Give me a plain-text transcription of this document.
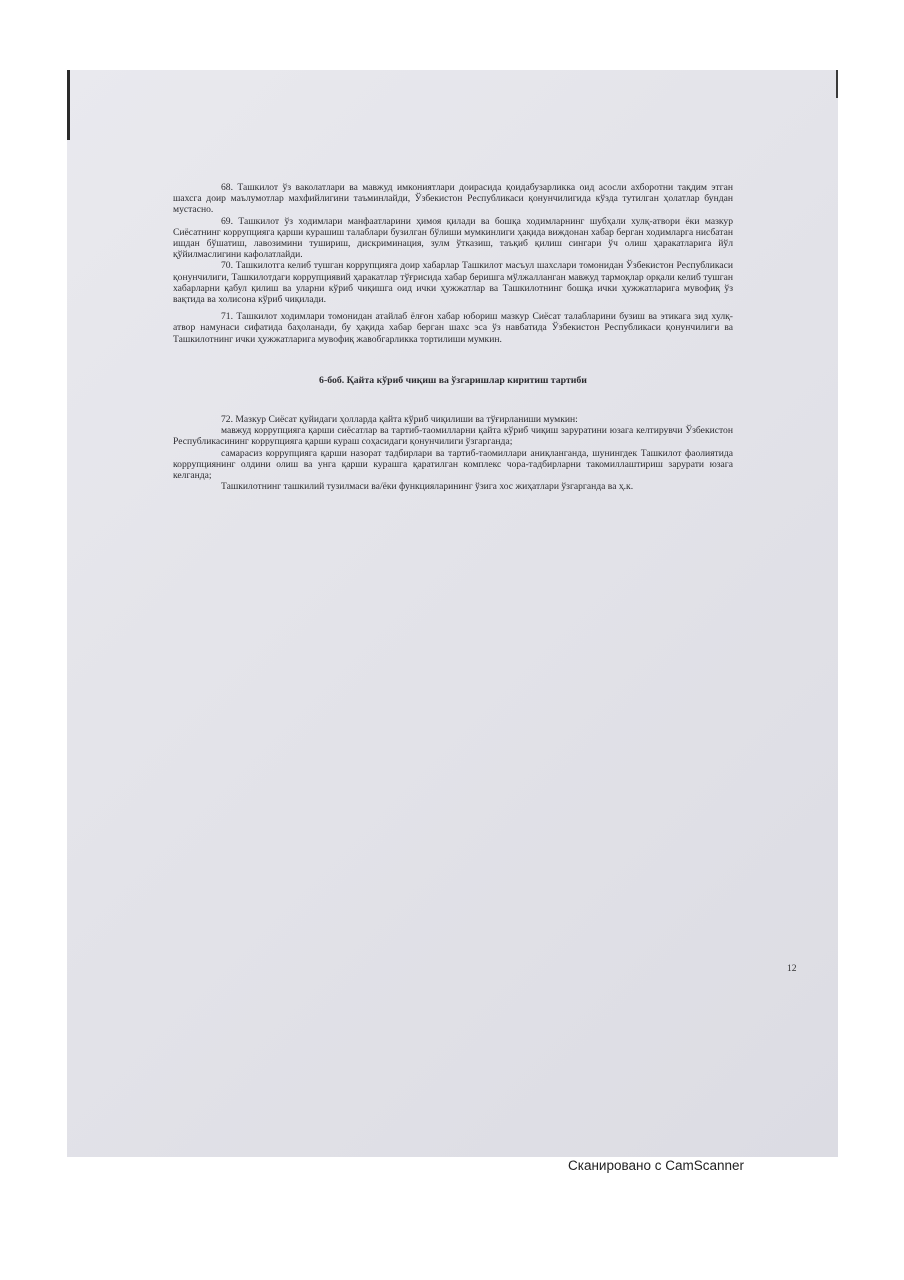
68. Ташкилот ўз ваколатлари ва мавжуд имкониятлари доирасида қоидабузарликка оид асосли ахборотни тақдим этган шахсга доир маълумотлар махфийлигини таъминлайди, Ўзбекистон Республикаси қонунчилигида кўзда тутилган ҳолатлар бундан мустасно.

69. Ташкилот ўз ходимлари манфаатларини ҳимоя қилади ва бошқа ходимларнинг шубҳали хулқ-атвори ёки мазкур Сиёсатнинг коррупцияга қарши курашиш талаблари бузилган бўлиши мумкинлиги ҳақида виждонан хабар берган ходимларга нисбатан ишдан бўшатиш, лавозимини тушириш, дискриминация, зулм ўтказиш, таъқиб қилиш сингари ўч олиш ҳаракатларига йўл қўйилмаслигини кафолатлайди.

70. Ташкилотга келиб тушган коррупцияга доир хабарлар Ташкилот масъул шахслари томонидан Ўзбекистон Республикаси қонунчилиги, Ташкилотдаги коррупциявий ҳаракатлар тўғрисида хабар беришга мўлжалланган мавжуд тармоқлар орқали келиб тушган хабарларни қабул қилиш ва уларни кўриб чиқишга оид ички ҳужжатлар ва Ташкилотнинг бошқа ички ҳужжатларига мувофиқ ўз вақтида ва холисона кўриб чиқилади.

71. Ташкилот ходимлари томонидан атайлаб ёлғон хабар юбориш мазкур Сиёсат талабларини бузиш ва этикага зид хулқ-атвор намунаси сифатида баҳоланади, бу ҳақида хабар берган шахс эса ўз навбатида Ўзбекистон Республикаси қонунчилиги ва Ташкилотнинг ички ҳужжатларига мувофиқ жавобгарликка тортилиши мумкин.

6-боб. Қайта кўриб чиқиш ва ўзгаришлар киритиш тартиби

72. Мазкур Сиёсат қуйидаги ҳолларда қайта кўриб чиқилиши ва тўғирланиши мумкин:

мавжуд коррупцияга қарши сиёсатлар ва тартиб-таомилларни қайта кўриб чиқиш заруратини юзага келтирувчи Ўзбекистон Республикасининг коррупцияга қарши кураш соҳасидаги қонунчилиги ўзгарганда;

самарасиз коррупцияга қарши назорат тадбирлари ва тартиб-таомиллари аниқланганда, шунингдек Ташкилот фаолиятида коррупциянинг олдини олиш ва унга қарши курашга қаратилган комплекс чора-тадбирларни такомиллаштириш зарурати юзага келганда;

Ташкилотнинг ташкилий тузилмаси ва/ёки функцияларининг ўзига хос жиҳатлари ўзгарганда ва ҳ.к.

12
Сканировано с CamScanner
